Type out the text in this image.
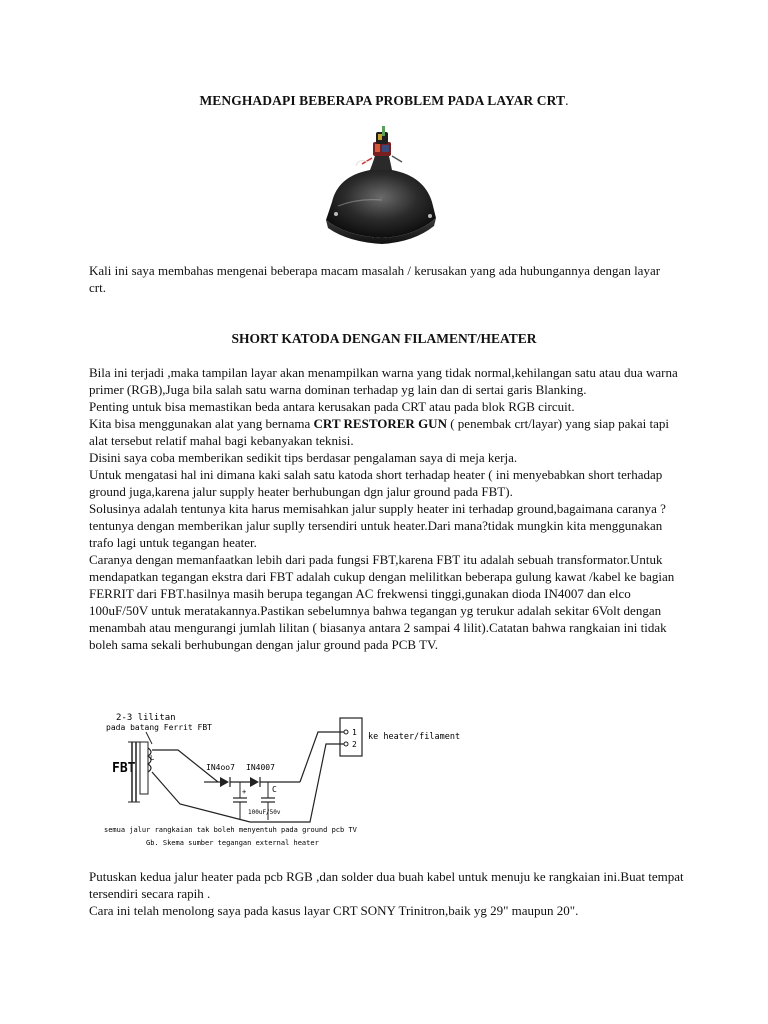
MENGHADAPI BEBERAPA PROBLEM PADA LAYAR CRT.
Kali ini saya membahas mengenai beberapa macam masalah / kerusakan yang ada hubungannya dengan layar crt.
SHORT KATODA DENGAN FILAMENT/HEATER

Bila ini terjadi ,maka tampilan layar akan menampilkan warna yang tidak normal,kehilangan satu atau dua warna primer (RGB),Juga bila salah satu warna dominan terhadap yg lain dan di sertai garis Blanking.

Penting untuk bisa memastikan beda antara kerusakan pada CRT atau pada blok RGB circuit.

Kita bisa menggunakan alat yang bernama CRT RESTORER GUN ( penembak crt/layar) yang siap pakai tapi alat tersebut relatif mahal bagi kebanyakan teknisi.

Disini saya coba memberikan sedikit tips berdasar pengalaman saya di meja kerja.

Untuk mengatasi hal ini dimana kaki salah satu katoda short terhadap heater ( ini menyebabkan short terhadap ground juga,karena jalur supply heater berhubungan dgn jalur ground pada FBT).

Solusinya adalah tentunya kita harus memisahkan jalur supply heater ini terhadap ground,bagaimana caranya ? tentunya dengan memberikan jalur suplly tersendiri untuk heater.Dari mana?tidak mungkin kita menggunakan trafo lagi untuk tegangan heater.

Caranya dengan memanfaatkan lebih dari pada fungsi FBT,karena FBT itu adalah sebuah transformator.Untuk mendapatkan tegangan ekstra dari FBT adalah cukup dengan melilitkan beberapa gulung kawat /kabel ke bagian FERRIT dari FBT.hasilnya masih berupa tegangan AC frekwensi tinggi,gunakan dioda IN4007 dan elco 100uF/50V untuk meratakannya.Pastikan sebelumnya bahwa tegangan yg terukur adalah sekitar 6Volt dengan menambah atau mengurangi jumlah lilitan ( biasanya antara 2 sampai 4 lilit).Catatan bahwa rangkaian ini tidak boleh sama sekali berhubungan dengan jalur ground pada PCB TV.

2-3 lilitan
pada batang Ferrit FBT
FBT
L
IN4oo7 IN4007
+	C
100uF/50v
1
2
ke heater/filament
semua jalur rangkaian tak boleh menyentuh pada ground pcb TV
Gb. Skema sumber tegangan external heater

Putuskan kedua jalur heater pada pcb RGB ,dan solder dua buah kabel untuk menuju ke rangkaian ini.Buat tempat tersendiri secara rapih .

Cara ini telah menolong saya pada kasus layar CRT SONY Trinitron,baik yg 29" maupun 20".
